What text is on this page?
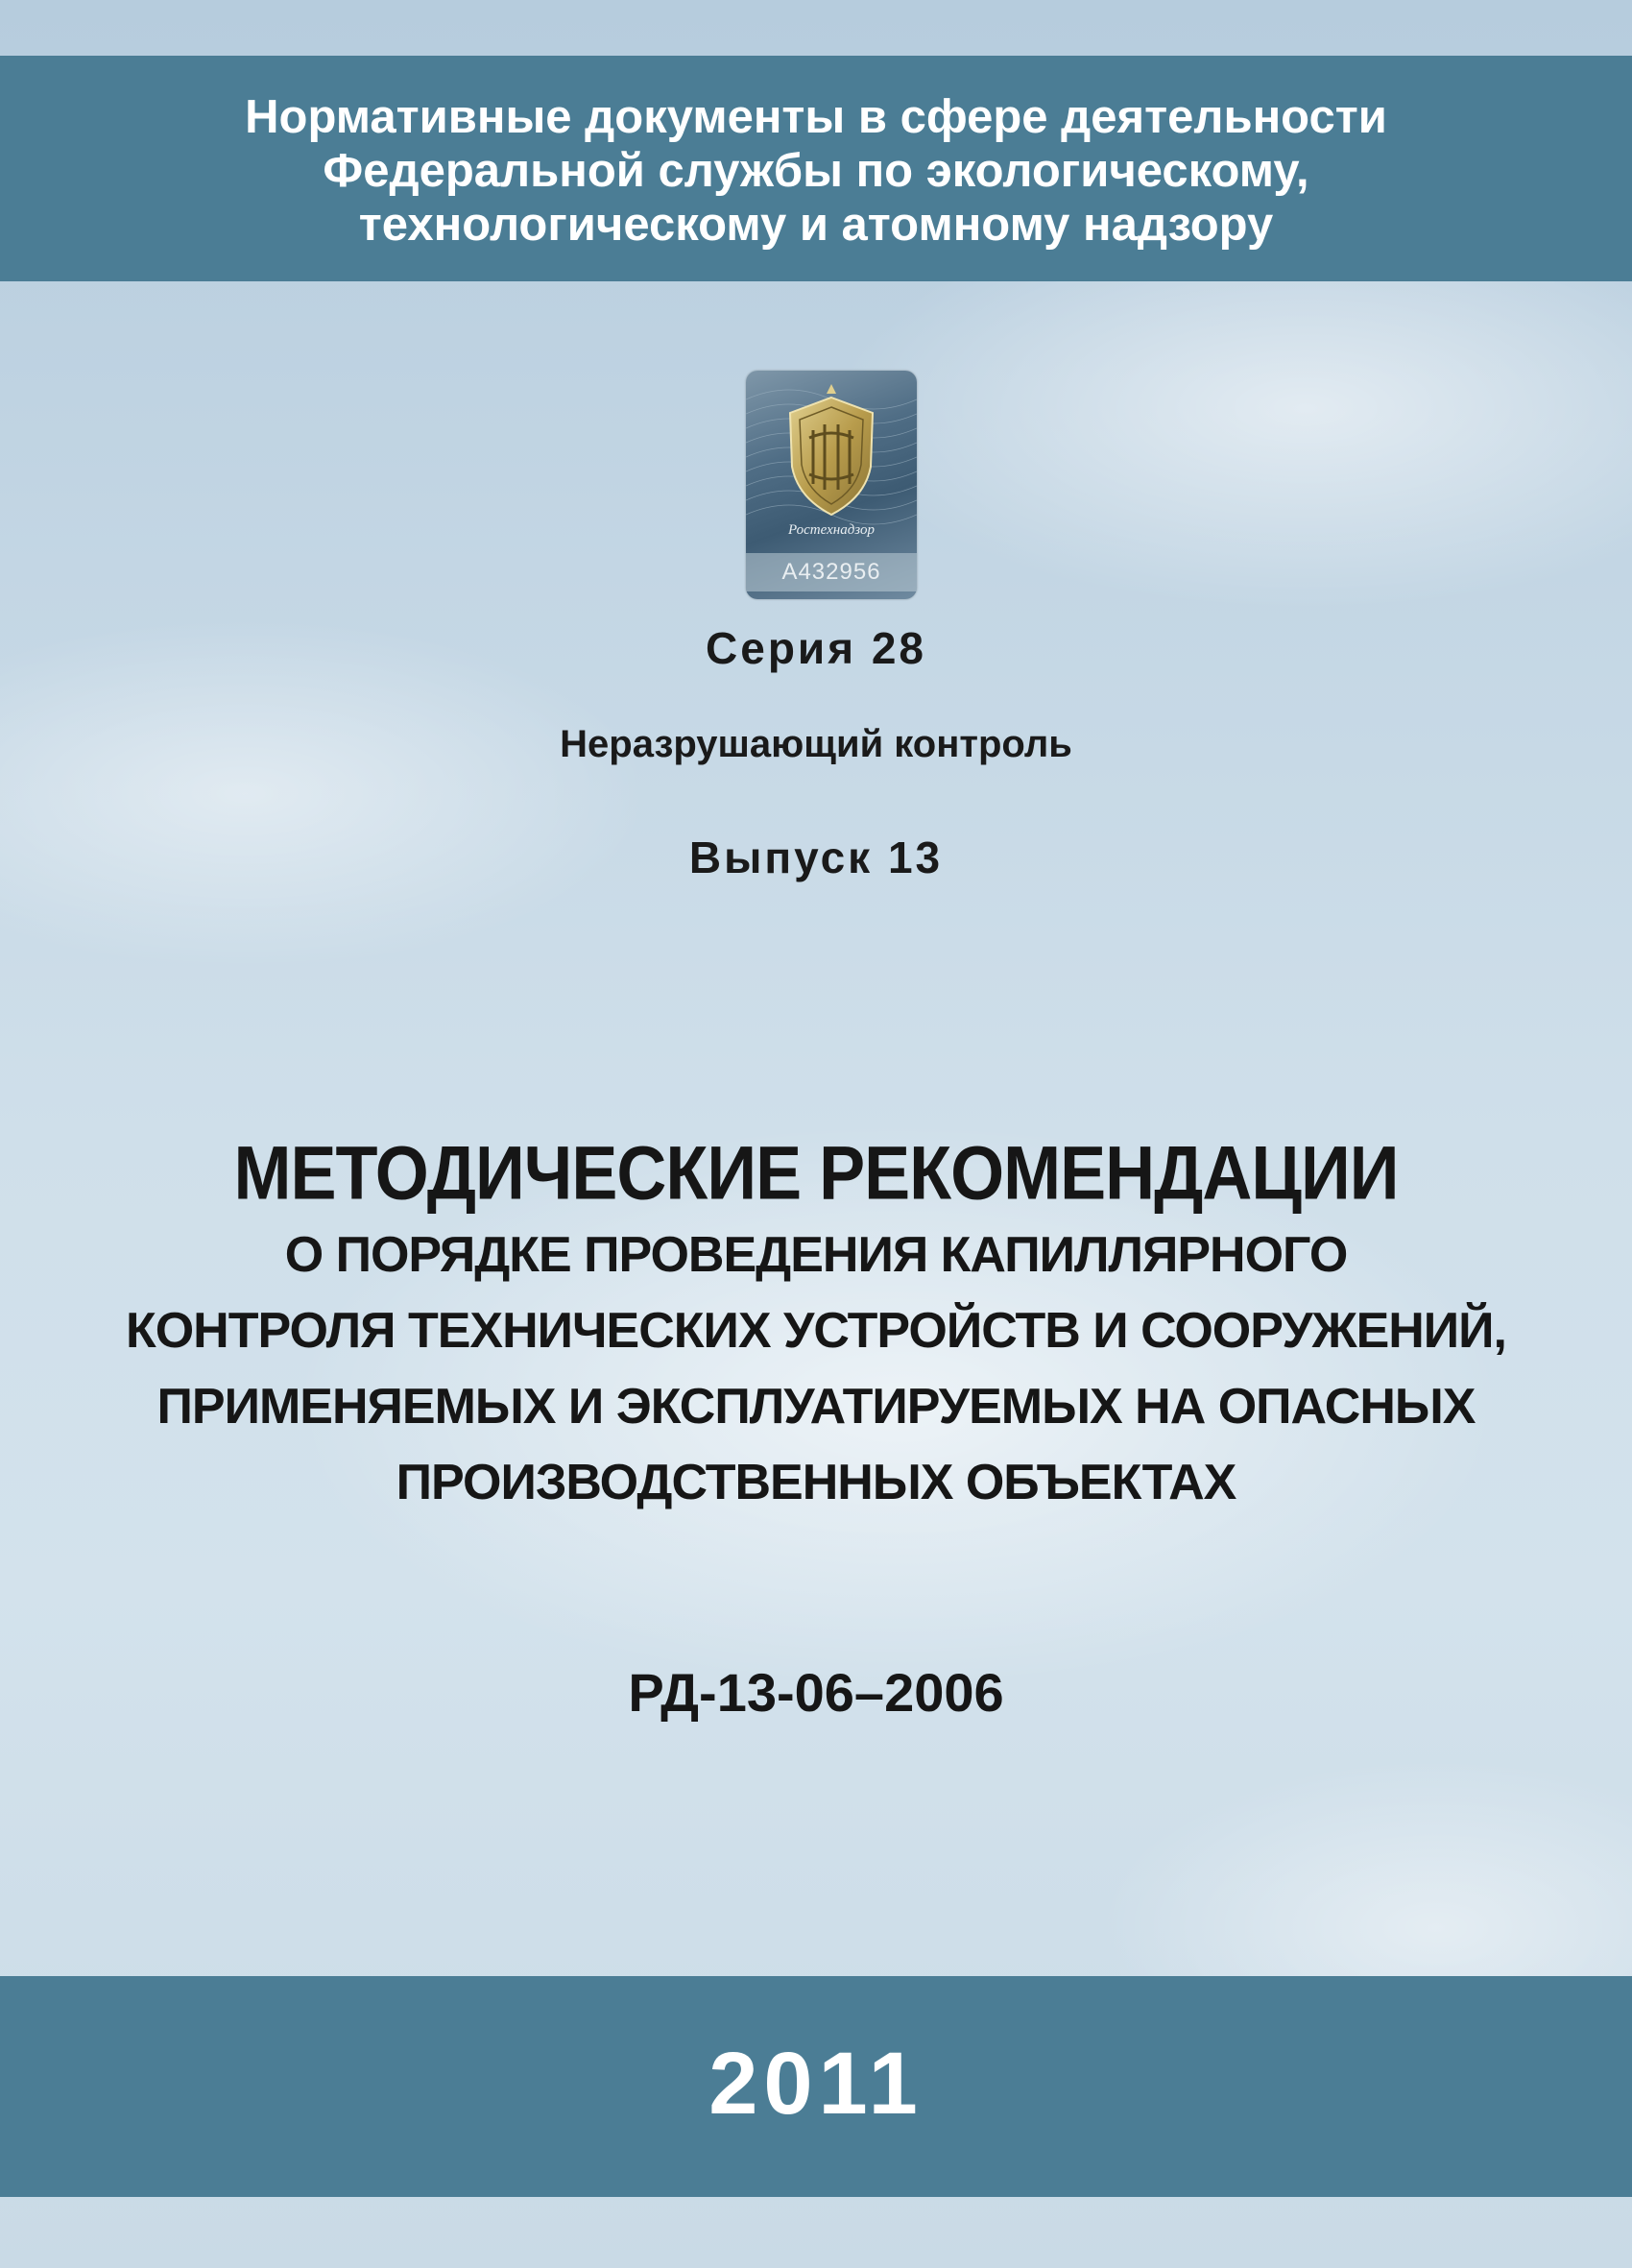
Нормативные документы в сфере деятельности
Федеральной службы по экологическому,
технологическому и атомному надзору
Ростехнадзор
А432956
Серия 28
Неразрушающий контроль
Выпуск 13
МЕТОДИЧЕСКИЕ РЕКОМЕНДАЦИИ
О ПОРЯДКЕ ПРОВЕДЕНИЯ КАПИЛЛЯРНОГО
КОНТРОЛЯ ТЕХНИЧЕСКИХ УСТРОЙСТВ И СООРУЖЕНИЙ,
ПРИМЕНЯЕМЫХ И ЭКСПЛУАТИРУЕМЫХ НА ОПАСНЫХ
ПРОИЗВОДСТВЕННЫХ ОБЪЕКТАХ
РД-13-06–2006
2011
